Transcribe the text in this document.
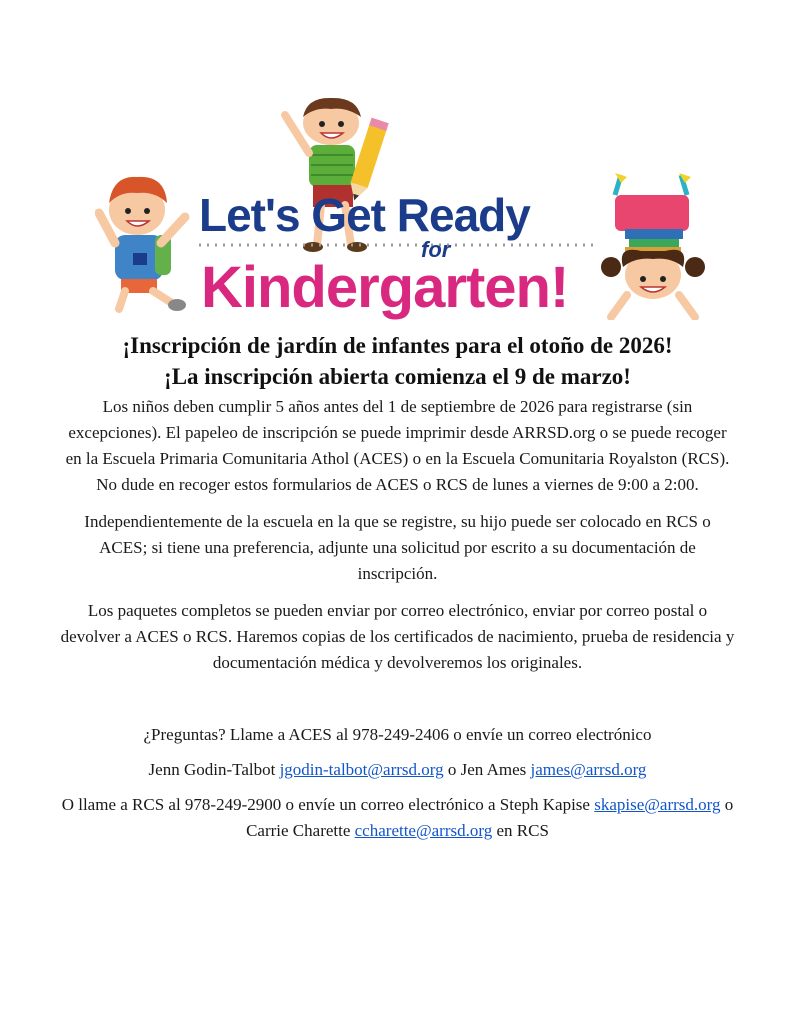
Let's Get Ready
for
Kindergarten!
¡Inscripción de jardín de infantes para el otoño de 2026!
¡La inscripción abierta comienza el 9 de marzo!

Los niños deben cumplir 5 años antes del 1 de septiembre de 2026 para registrarse (sin excepciones). El papeleo de inscripción se puede imprimir desde ARRSD.org o se puede recoger en la Escuela Primaria Comunitaria Athol (ACES) o en la Escuela Comunitaria Royalston (RCS). No dude en recoger estos formularios de ACES o RCS de lunes a viernes de 9:00 a 2:00.

Independientemente de la escuela en la que se registre, su hijo puede ser colocado en RCS o ACES; si tiene una preferencia, adjunte una solicitud por escrito a su documentación de inscripción.

Los paquetes completos se pueden enviar por correo electrónico, enviar por correo postal o devolver a ACES o RCS. Haremos copias de los certificados de nacimiento, prueba de residencia y documentación médica y devolveremos los originales.

¿Preguntas? Llame a ACES al 978-249-2406 o envíe un correo electrónico

Jenn Godin-Talbot jgodin-talbot@arrsd.org o Jen Ames james@arrsd.org

O llame a RCS al 978-249-2900 o envíe un correo electrónico a Steph Kapise skapise@arrsd.org o Carrie Charette ccharette@arrsd.org en RCS
